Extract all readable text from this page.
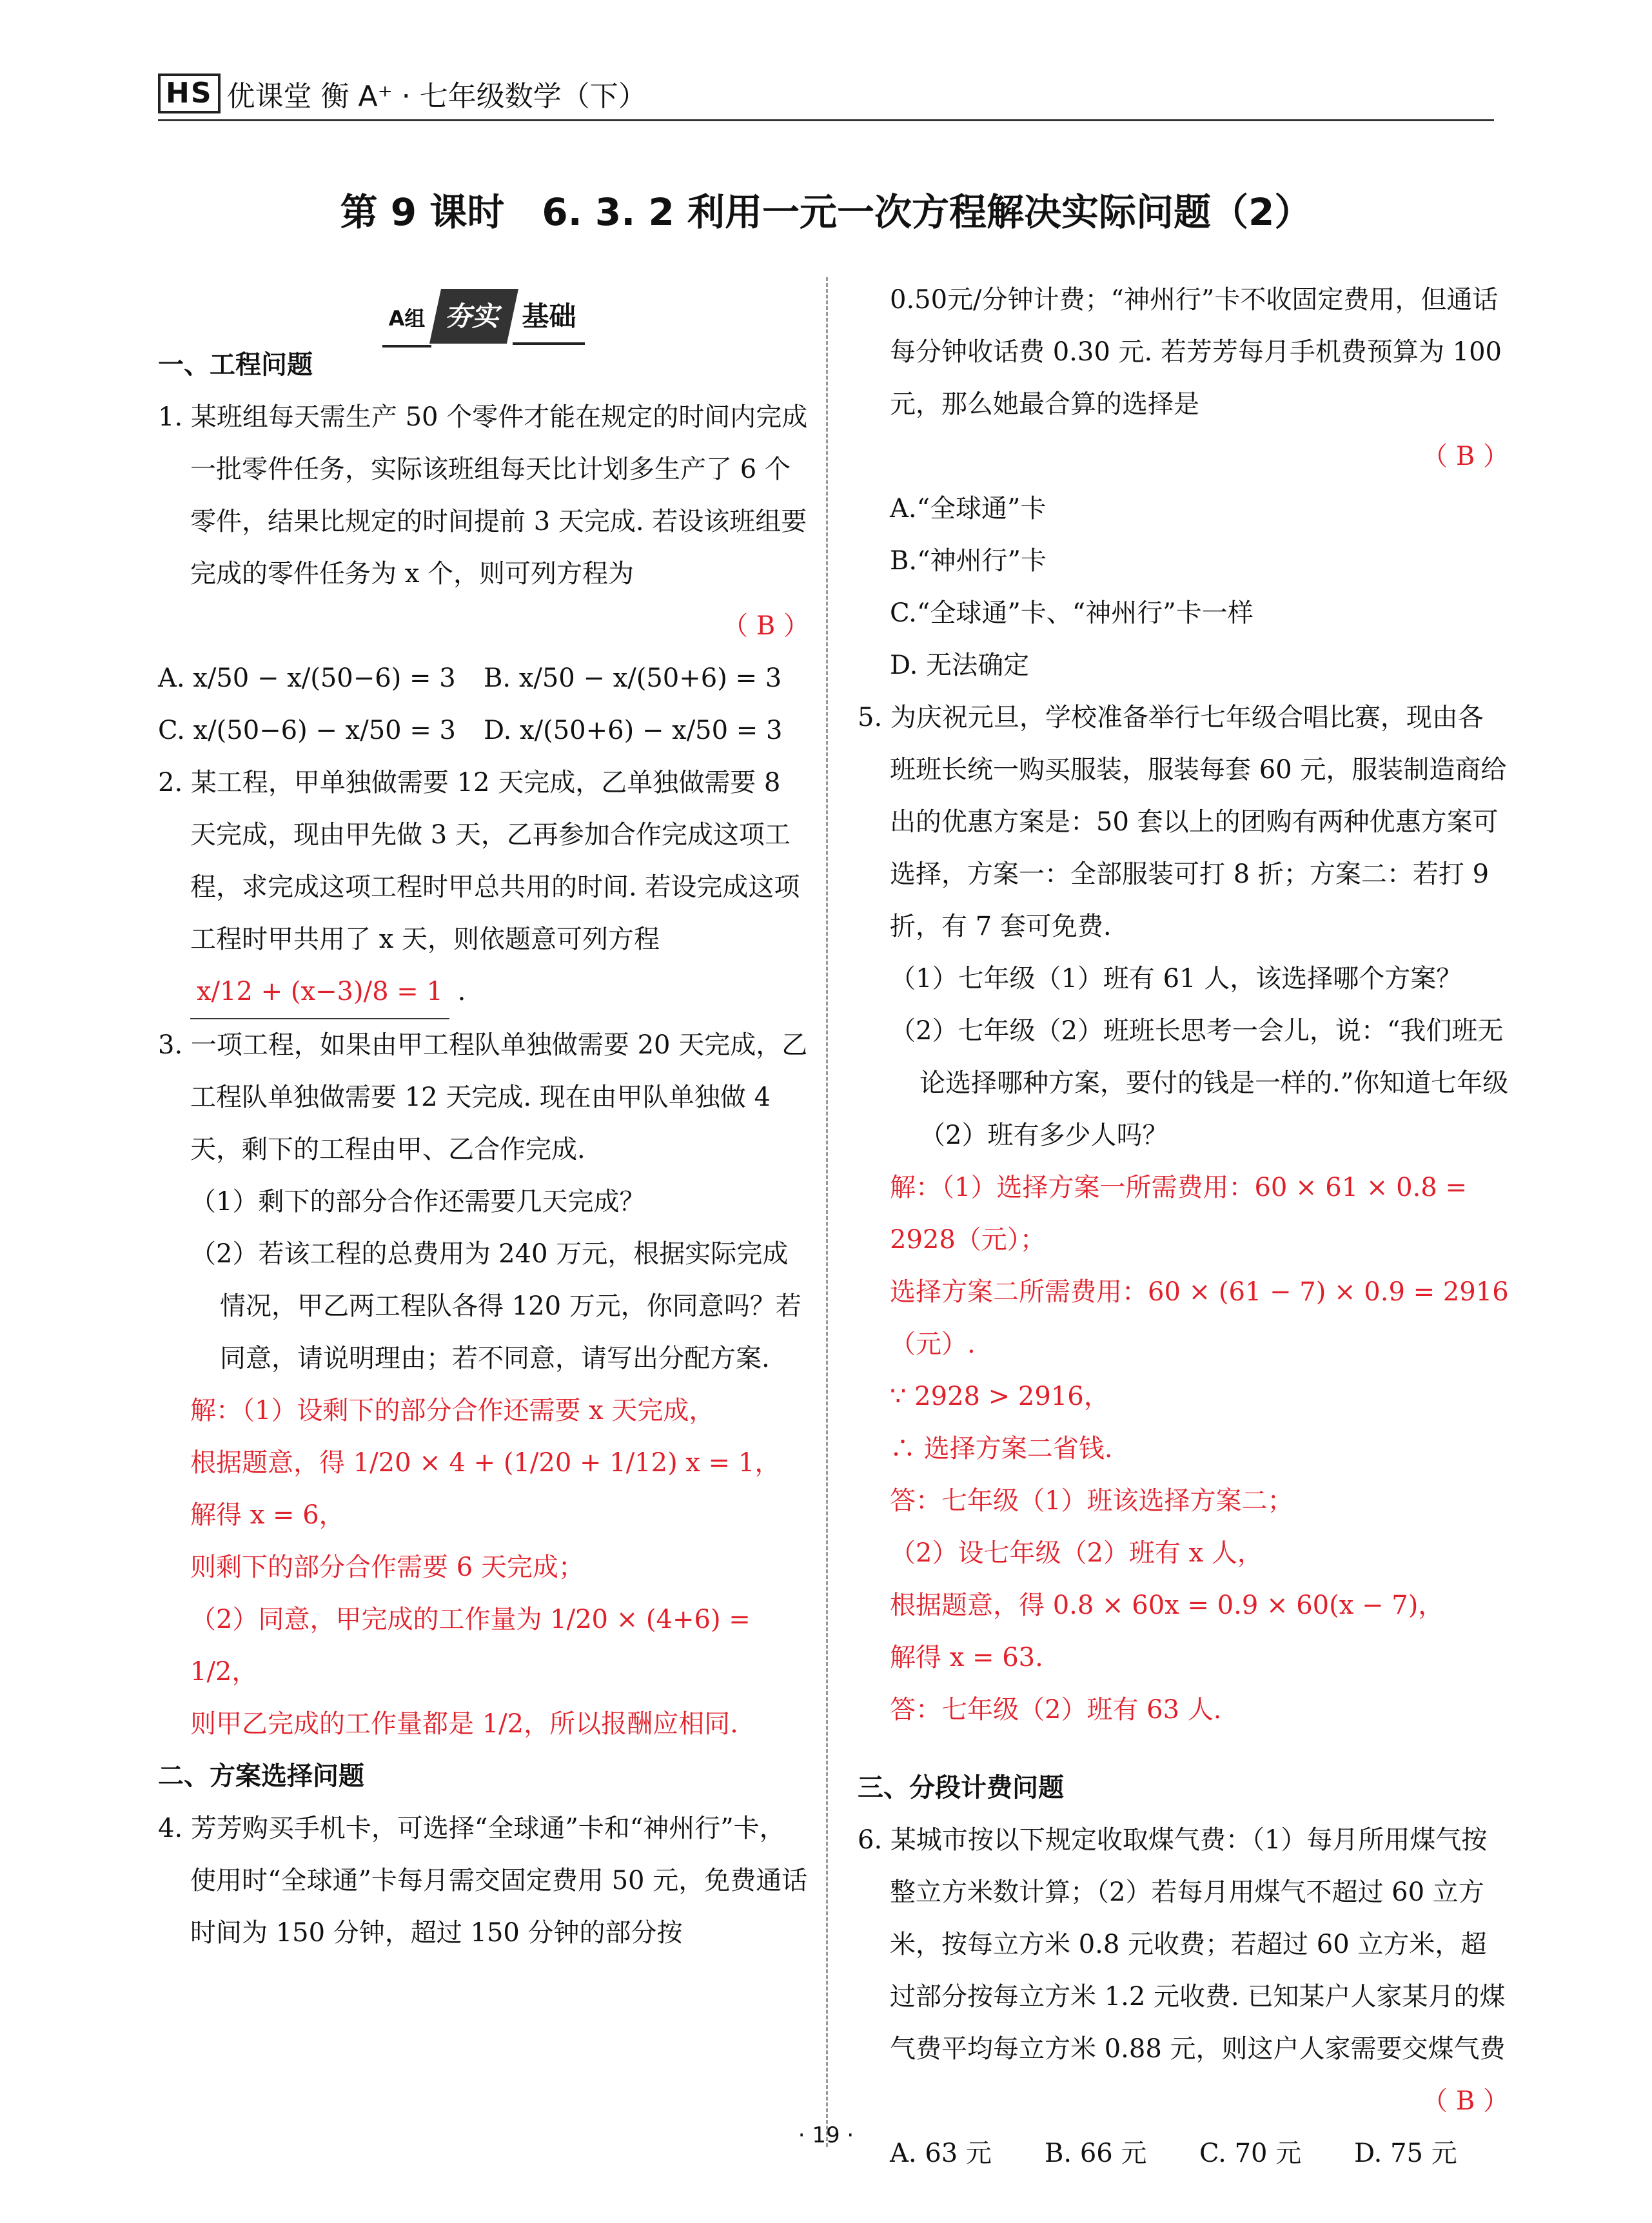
HS 优课堂 衡 A⁺ · 七年级数学（下）
第 9 课时　6. 3. 2 利用一元一次方程解决实际问题（2）
A组 夯实 基础

一、工程问题

1. 某班组每天需生产 50 个零件才能在规定的时间内完成一批零件任务，实际该班组每天比计划多生产了 6 个零件，结果比规定的时间提前 3 天完成. 若设该班组要完成的零件任务为 x 个，则可列方程为

（ B ）

A. x/50 − x/(50−6) = 3	B. x/50 − x/(50+6) = 3
C. x/(50−6) − x/50 = 3	D. x/(50+6) − x/50 = 3

2. 某工程，甲单独做需要 12 天完成，乙单独做需要 8 天完成，现由甲先做 3 天，乙再参加合作完成这项工程，求完成这项工程时甲总共用的时间. 若设完成这项工程时甲共用了 x 天，则依题意可列方程

x/12 + (x−3)/8 = 1 .

3. 一项工程，如果由甲工程队单独做需要 20 天完成，乙工程队单独做需要 12 天完成. 现在由甲队单独做 4 天，剩下的工程由甲、乙合作完成.

（1）剩下的部分合作还需要几天完成？

（2）若该工程的总费用为 240 万元，根据实际完成情况，甲乙两工程队各得 120 万元，你同意吗？若同意，请说明理由；若不同意，请写出分配方案.

解：（1）设剩下的部分合作还需要 x 天完成，

根据题意，得 1/20 × 4 + (1/20 + 1/12) x = 1，

解得 x = 6，

则剩下的部分合作需要 6 天完成；

（2）同意，甲完成的工作量为 1/20 × (4+6) = 1/2，

则甲乙完成的工作量都是 1/2，所以报酬应相同.

二、方案选择问题

4. 芳芳购买手机卡，可选择“全球通”卡和“神州行”卡，使用时“全球通”卡每月需交固定费用 50 元，免费通话时间为 150 分钟，超过 150 分钟的部分按

0.50元/分钟计费；“神州行”卡不收固定费用，但通话每分钟收话费 0.30 元. 若芳芳每月手机费预算为 100 元，那么她最合算的选择是

（ B ）

A.“全球通”卡

B.“神州行”卡

C.“全球通”卡、“神州行”卡一样

D. 无法确定

5. 为庆祝元旦，学校准备举行七年级合唱比赛，现由各班班长统一购买服装，服装每套 60 元，服装制造商给出的优惠方案是：50 套以上的团购有两种优惠方案可选择，方案一：全部服装可打 8 折；方案二：若打 9 折，有 7 套可免费.

（1）七年级（1）班有 61 人，该选择哪个方案？

（2）七年级（2）班班长思考一会儿，说：“我们班无论选择哪种方案，要付的钱是一样的.”你知道七年级（2）班有多少人吗？

解：（1）选择方案一所需费用：60 × 61 × 0.8 = 2928（元）；

选择方案二所需费用：60 × (61 − 7) × 0.9 = 2916（元）.

∵ 2928 > 2916，

∴ 选择方案二省钱.

答：七年级（1）班该选择方案二；

（2）设七年级（2）班有 x 人，

根据题意，得 0.8 × 60x = 0.9 × 60(x − 7)，

解得 x = 63.

答：七年级（2）班有 63 人.

三、分段计费问题

6. 某城市按以下规定收取煤气费：（1）每月所用煤气按整立方米数计算；（2）若每月用煤气不超过 60 立方米，按每立方米 0.8 元收费；若超过 60 立方米，超过部分按每立方米 1.2 元收费. 已知某户人家某月的煤气费平均每立方米 0.88 元，则这户人家需要交煤气费

（ B ）

A. 63 元	B. 66 元	C. 70 元	D. 75 元
· 19 ·
